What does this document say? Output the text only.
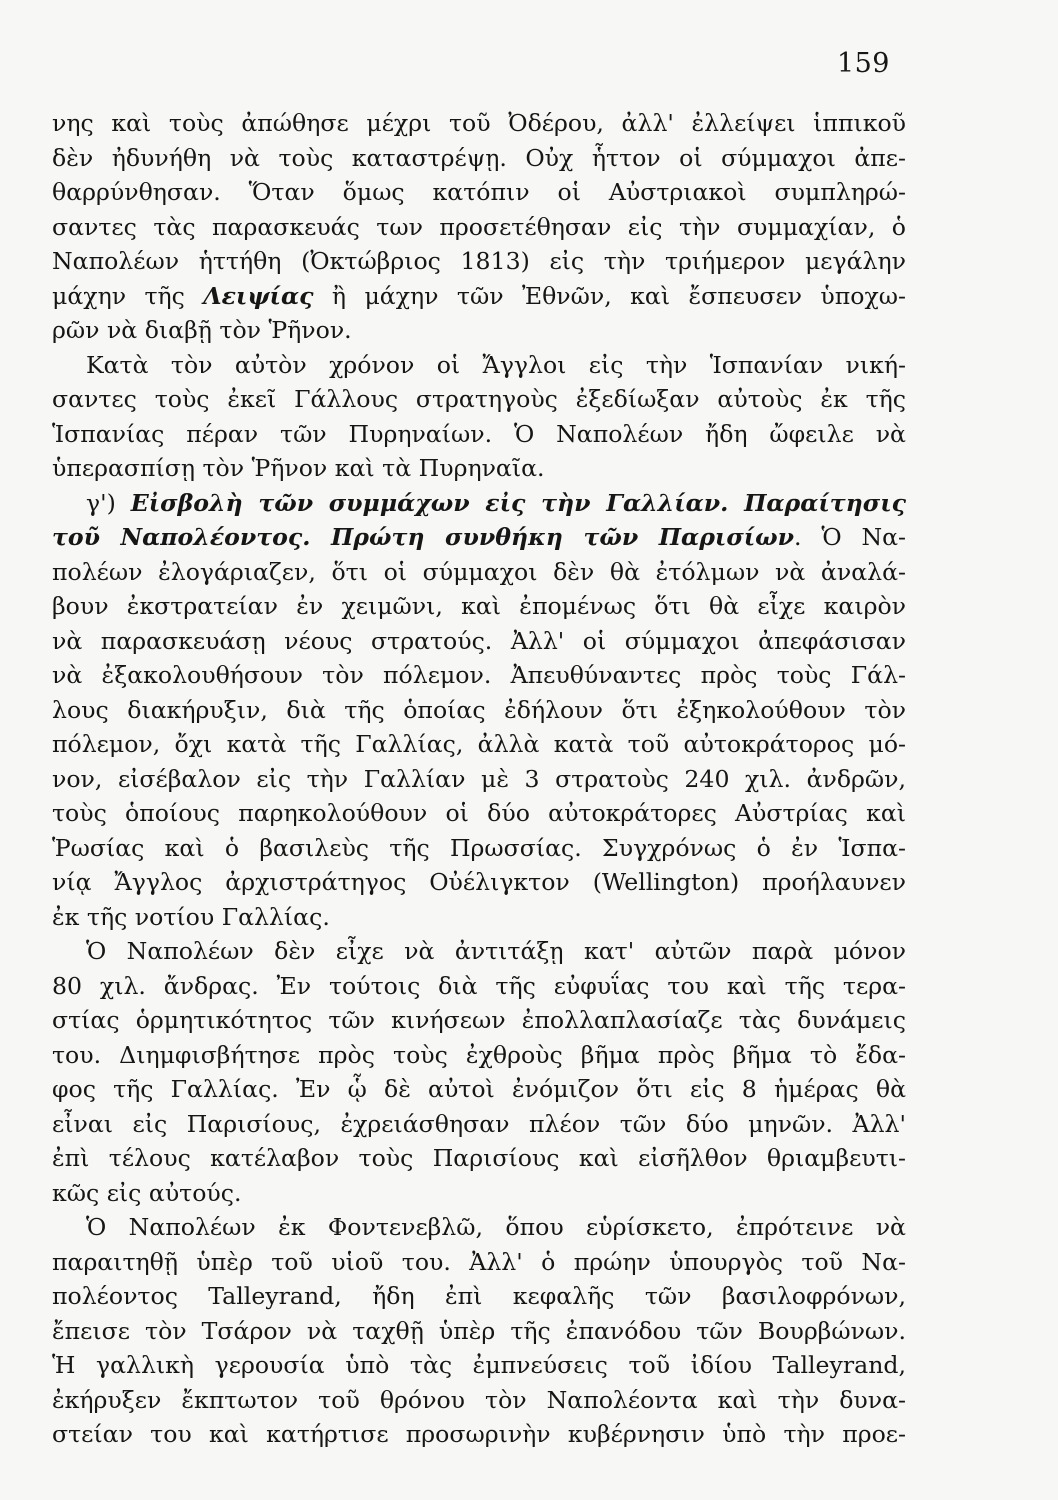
159
νης καὶ τοὺς ἀπώθησε μέχρι τοῦ Ὀδέρου, ἀλλ' ἐλλείψει ἱππικοῦ
δὲν ἠδυνήθη νὰ τοὺς καταστρέψῃ. Οὐχ ἧττον οἱ σύμμαχοι ἀπε-
θαρρύνθησαν. Ὅταν ὅμως κατόπιν οἱ Αὐστριακοὶ συμπληρώ-
σαντες τὰς παρασκευάς των προσετέθησαν εἰς τὴν συμμαχίαν, ὁ
Ναπολέων ἡττήθη (Ὀκτώβριος 1813) εἰς τὴν τριήμερον μεγάλην
μάχην τῆς Λειψίας ἢ μάχην τῶν Ἐθνῶν, καὶ ἔσπευσεν ὑποχω-
ρῶν νὰ διαβῇ τὸν Ῥῆνον.
Κατὰ τὸν αὐτὸν χρόνον οἱ Ἄγγλοι εἰς τὴν Ἱσπανίαν νική-
σαντες τοὺς ἐκεῖ Γάλλους στρατηγοὺς ἐξεδίωξαν αὐτοὺς ἐκ τῆς
Ἱσπανίας πέραν τῶν Πυρηναίων. Ὁ Ναπολέων ἤδη ὤφειλε νὰ
ὑπερασπίσῃ τὸν Ῥῆνον καὶ τὰ Πυρηναῖα.
γ') Εἰσβολὴ τῶν συμμάχων εἰς τὴν Γαλλίαν. Παραίτησις
τοῦ Ναπολέοντος. Πρώτη συνθήκη τῶν Παρισίων. Ὁ Να-
πολέων ἐλογάριαζεν, ὅτι οἱ σύμμαχοι δὲν θὰ ἐτόλμων νὰ ἀναλά-
βουν ἐκστρατείαν ἐν χειμῶνι, καὶ ἐπομένως ὅτι θὰ εἶχε καιρὸν
νὰ παρασκευάσῃ νέους στρατούς. Ἀλλ' οἱ σύμμαχοι ἀπεφάσισαν
νὰ ἐξακολουθήσουν τὸν πόλεμον. Ἀπευθύναντες πρὸς τοὺς Γάλ-
λους διακήρυξιν, διὰ τῆς ὁποίας ἐδήλουν ὅτι ἐξηκολούθουν τὸν
πόλεμον, ὄχι κατὰ τῆς Γαλλίας, ἀλλὰ κατὰ τοῦ αὐτοκράτορος μό-
νον, εἰσέβαλον εἰς τὴν Γαλλίαν μὲ 3 στρατοὺς 240 χιλ. ἀνδρῶν,
τοὺς ὁποίους παρηκολούθουν οἱ δύο αὐτοκράτορες Αὐστρίας καὶ
Ῥωσίας καὶ ὁ βασιλεὺς τῆς Πρωσσίας. Συγχρόνως ὁ ἐν Ἱσπα-
νίᾳ Ἄγγλος ἀρχιστράτηγος Οὐέλιγκτον (Wellington) προήλαυνεν
ἐκ τῆς νοτίου Γαλλίας.
Ὁ Ναπολέων δὲν εἶχε νὰ ἀντιτάξῃ κατ' αὐτῶν παρὰ μόνον
80 χιλ. ἄνδρας. Ἐν τούτοις διὰ τῆς εὐφυΐας του καὶ τῆς τερα-
στίας ὁρμητικότητος τῶν κινήσεων ἐπολλαπλασίαζε τὰς δυνάμεις
του. Διημφισβήτησε πρὸς τοὺς ἐχθροὺς βῆμα πρὸς βῆμα τὸ ἔδα-
φος τῆς Γαλλίας. Ἐν ᾧ δὲ αὐτοὶ ἐνόμιζον ὅτι εἰς 8 ἡμέρας θὰ
εἶναι εἰς Παρισίους, ἐχρειάσθησαν πλέον τῶν δύο μηνῶν. Ἀλλ'
ἐπὶ τέλους κατέλαβον τοὺς Παρισίους καὶ εἰσῆλθον θριαμβευτι-
κῶς εἰς αὐτούς.
Ὁ Ναπολέων ἐκ Φοντενεβλῶ, ὅπου εὑρίσκετο, ἐπρότεινε νὰ
παραιτηθῇ ὑπὲρ τοῦ υἱοῦ του. Ἀλλ' ὁ πρώην ὑπουργὸς τοῦ Να-
πολέοντος Talleyrand, ἤδη ἐπὶ κεφαλῆς τῶν βασιλοφρόνων,
ἔπεισε τὸν Τσάρον νὰ ταχθῇ ὑπὲρ τῆς ἐπανόδου τῶν Βουρβώνων.
Ἡ γαλλικὴ γερουσία ὑπὸ τὰς ἐμπνεύσεις τοῦ ἰδίου Talleyrand,
ἐκήρυξεν ἔκπτωτον τοῦ θρόνου τὸν Ναπολέοντα καὶ τὴν δυνα-
στείαν του καὶ κατήρτισε προσωρινὴν κυβέρνησιν ὑπὸ τὴν προε-
